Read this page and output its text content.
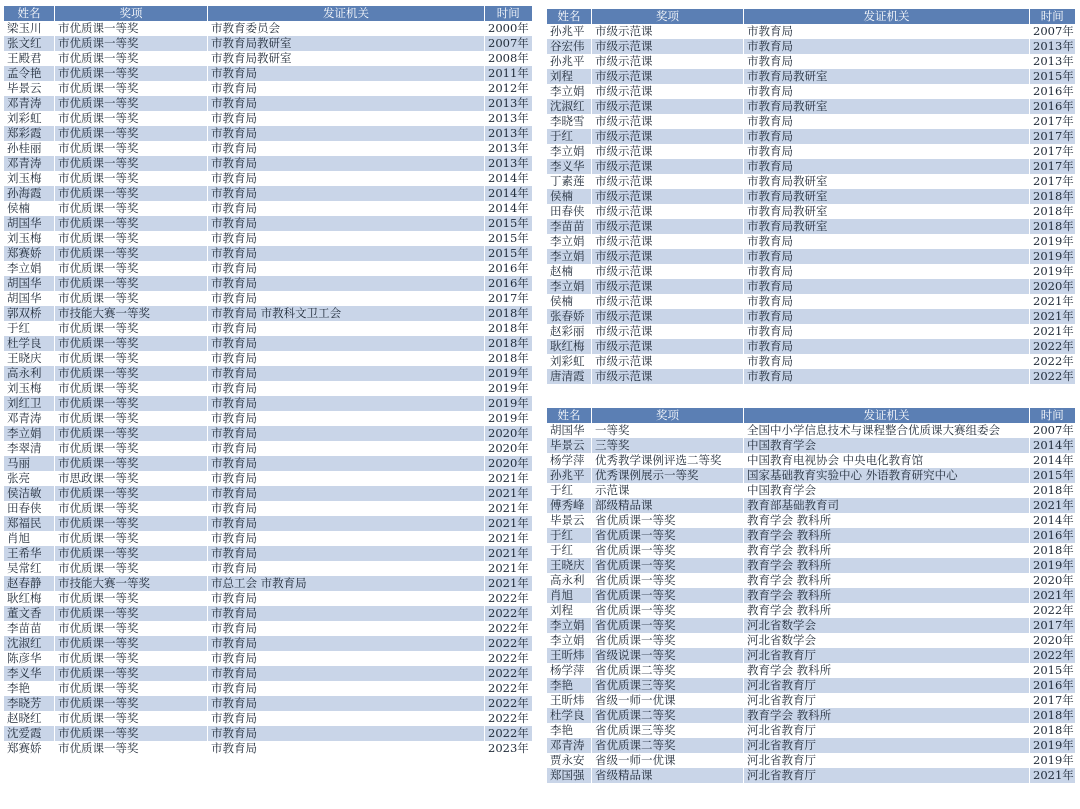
姓名	奖项	发证机关	时间
梁玉川	市优质课一等奖	市教育委员会	2000年
张文红	市优质课一等奖	市教育局教研室	2007年
王殿君	市优质课一等奖	市教育局教研室	2008年
孟令艳	市优质课一等奖	市教育局	2011年
毕景云	市优质课一等奖	市教育局	2012年
邓青涛	市优质课一等奖	市教育局	2013年
刘彩虹	市优质课一等奖	市教育局	2013年
郑彩霞	市优质课一等奖	市教育局	2013年
孙桂丽	市优质课一等奖	市教育局	2013年
邓青涛	市优质课一等奖	市教育局	2013年
刘玉梅	市优质课一等奖	市教育局	2014年
孙海霞	市优质课一等奖	市教育局	2014年
侯楠	市优质课一等奖	市教育局	2014年
胡国华	市优质课一等奖	市教育局	2015年
刘玉梅	市优质课一等奖	市教育局	2015年
郑赛娇	市优质课一等奖	市教育局	2015年
李立娟	市优质课一等奖	市教育局	2016年
胡国华	市优质课一等奖	市教育局	2016年
胡国华	市优质课一等奖	市教育局	2017年
郭双桥	市技能大赛一等奖	市教育局 市教科文卫工会	2018年
于红	市优质课一等奖	市教育局	2018年
杜学良	市优质课一等奖	市教育局	2018年
王晓庆	市优质课一等奖	市教育局	2018年
高永利	市优质课一等奖	市教育局	2019年
刘玉梅	市优质课一等奖	市教育局	2019年
刘红卫	市优质课一等奖	市教育局	2019年
邓青涛	市优质课一等奖	市教育局	2019年
李立娟	市优质课一等奖	市教育局	2020年
李翠清	市优质课一等奖	市教育局	2020年
马丽	市优质课一等奖	市教育局	2020年
张亮	市思政课一等奖	市教育局	2021年
侯洁敏	市优质课一等奖	市教育局	2021年
田春侠	市优质课一等奖	市教育局	2021年
郑福民	市优质课一等奖	市教育局	2021年
肖旭	市优质课一等奖	市教育局	2021年
王希华	市优质课一等奖	市教育局	2021年
吴常红	市优质课一等奖	市教育局	2021年
赵春静	市技能大赛一等奖	市总工会 市教育局	2021年
耿红梅	市优质课一等奖	市教育局	2022年
董文香	市优质课一等奖	市教育局	2022年
李苗苗	市优质课一等奖	市教育局	2022年
沈淑红	市优质课一等奖	市教育局	2022年
陈彦华	市优质课一等奖	市教育局	2022年
李义华	市优质课一等奖	市教育局	2022年
李艳	市优质课一等奖	市教育局	2022年
李晓芳	市优质课一等奖	市教育局	2022年
赵晓红	市优质课一等奖	市教育局	2022年
沈爱霞	市优质课一等奖	市教育局	2022年
郑赛娇	市优质课一等奖	市教育局	2023年
姓名	奖项	发证机关	时间
孙兆平	市级示范课	市教育局	2007年
谷宏伟	市级示范课	市教育局	2013年
孙兆平	市级示范课	市教育局	2013年
刘程	市级示范课	市教育局教研室	2015年
李立娟	市级示范课	市教育局	2016年
沈淑红	市级示范课	市教育局教研室	2016年
李晓雪	市级示范课	市教育局	2017年
于红	市级示范课	市教育局	2017年
李立娟	市级示范课	市教育局	2017年
李义华	市级示范课	市教育局	2017年
丁素莲	市级示范课	市教育局教研室	2017年
侯楠	市级示范课	市教育局教研室	2018年
田春侠	市级示范课	市教育局教研室	2018年
李苗苗	市级示范课	市教育局教研室	2018年
李立娟	市级示范课	市教育局	2019年
李立娟	市级示范课	市教育局	2019年
赵楠	市级示范课	市教育局	2019年
李立娟	市级示范课	市教育局	2020年
侯楠	市级示范课	市教育局	2021年
张春娇	市级示范课	市教育局	2021年
赵彩丽	市级示范课	市教育局	2021年
耿红梅	市级示范课	市教育局	2022年
刘彩虹	市级示范课	市教育局	2022年
唐清霞	市级示范课	市教育局	2022年
姓名	奖项	发证机关	时间
胡国华	一等奖	全国中小学信息技术与课程整合优质课大赛组委会	2007年
毕景云	三等奖	中国教育学会	2014年
杨学萍	优秀教学课例评选二等奖	中国教育电视协会 中央电化教育馆	2014年
孙兆平	优秀课例展示一等奖	国家基础教育实验中心 外语教育研究中心	2015年
于红	示范课	中国教育学会	2018年
傅秀峰	部级精品课	教育部基础教育司	2021年
毕景云	省优质课一等奖	教育学会 教科所	2014年
于红	省优质课一等奖	教育学会 教科所	2016年
于红	省优质课一等奖	教育学会 教科所	2018年
王晓庆	省优质课一等奖	教育学会 教科所	2019年
高永利	省优质课一等奖	教育学会 教科所	2020年
肖旭	省优质课一等奖	教育学会 教科所	2021年
刘程	省优质课一等奖	教育学会 教科所	2022年
李立娟	省优质课一等奖	河北省数学会	2017年
李立娟	省优质课一等奖	河北省数学会	2020年
王昕炜	省级说课一等奖	河北省教育厅	2022年
杨学萍	省优质课二等奖	教育学会 教科所	2015年
李艳	省优质课三等奖	河北省教育厅	2016年
王昕炜	省级一师一优课	河北省教育厅	2017年
杜学良	省优质课二等奖	教育学会 教科所	2018年
李艳	省优质课三等奖	河北省教育厅	2018年
邓青涛	省优质课二等奖	河北省教育厅	2019年
贾永安	省级一师一优课	河北省教育厅	2019年
郑国强	省级精品课	河北省教育厅	2021年
